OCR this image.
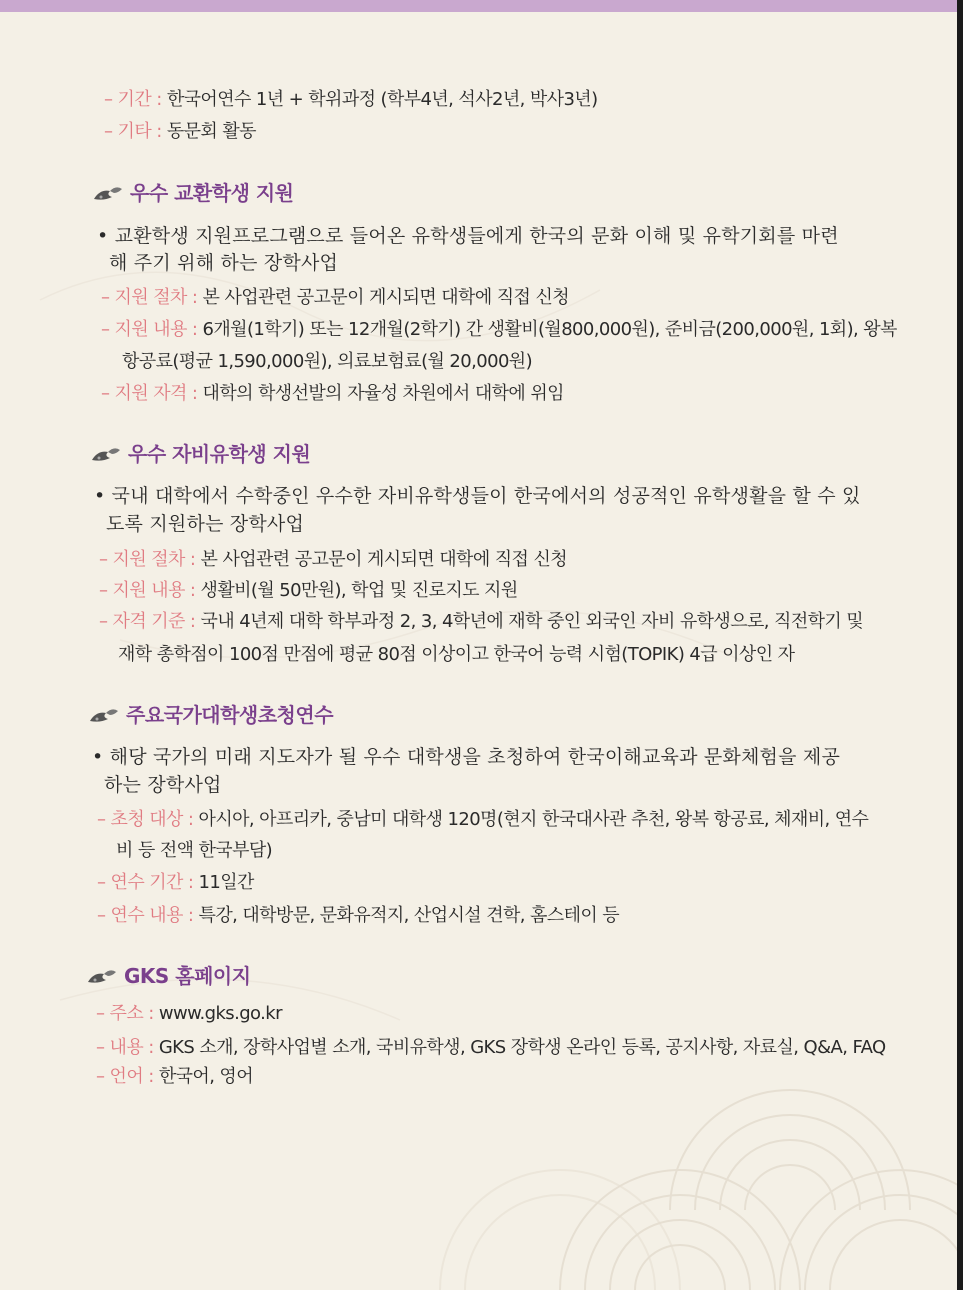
– 기간 : 한국어연수 1년 + 학위과정 (학부4년, 석사2년, 박사3년)
– 기타 : 동문회 활동
우수 교환학생 지원
• 교환학생 지원프로그램으로 들어온 유학생들에게 한국의 문화 이해 및 유학기회를 마련
해 주기 위해 하는 장학사업
– 지원 절차 : 본 사업관련 공고문이 게시되면 대학에 직접 신청
– 지원 내용 : 6개월(1학기) 또는 12개월(2학기) 간 생활비(월800,000원), 준비금(200,000원, 1회), 왕복
항공료(평균 1,590,000원), 의료보험료(월 20,000원)
– 지원 자격 : 대학의 학생선발의 자율성 차원에서 대학에 위임
우수 자비유학생 지원
• 국내 대학에서 수학중인 우수한 자비유학생들이 한국에서의 성공적인 유학생활을 할 수 있
도록 지원하는 장학사업
– 지원 절차 : 본 사업관련 공고문이 게시되면 대학에 직접 신청
– 지원 내용 : 생활비(월 50만원), 학업 및 진로지도 지원
– 자격 기준 : 국내 4년제 대학 학부과정 2, 3, 4학년에 재학 중인 외국인 자비 유학생으로, 직전학기 및
재학 총학점이 100점 만점에 평균 80점 이상이고 한국어 능력 시험(TOPIK) 4급 이상인 자
주요국가대학생초청연수
• 해당 국가의 미래 지도자가 될 우수 대학생을 초청하여 한국이해교육과 문화체험을 제공
하는 장학사업
– 초청 대상 : 아시아, 아프리카, 중남미 대학생 120명(현지 한국대사관 추천, 왕복 항공료, 체재비, 연수
비 등 전액 한국부담)
– 연수 기간 : 11일간
– 연수 내용 : 특강, 대학방문, 문화유적지, 산업시설 견학, 홈스테이 등
GKS 홈페이지
– 주소 : www.gks.go.kr
– 내용 : GKS 소개, 장학사업별 소개, 국비유학생, GKS 장학생 온라인 등록, 공지사항, 자료실, Q&A, FAQ
– 언어 : 한국어, 영어
